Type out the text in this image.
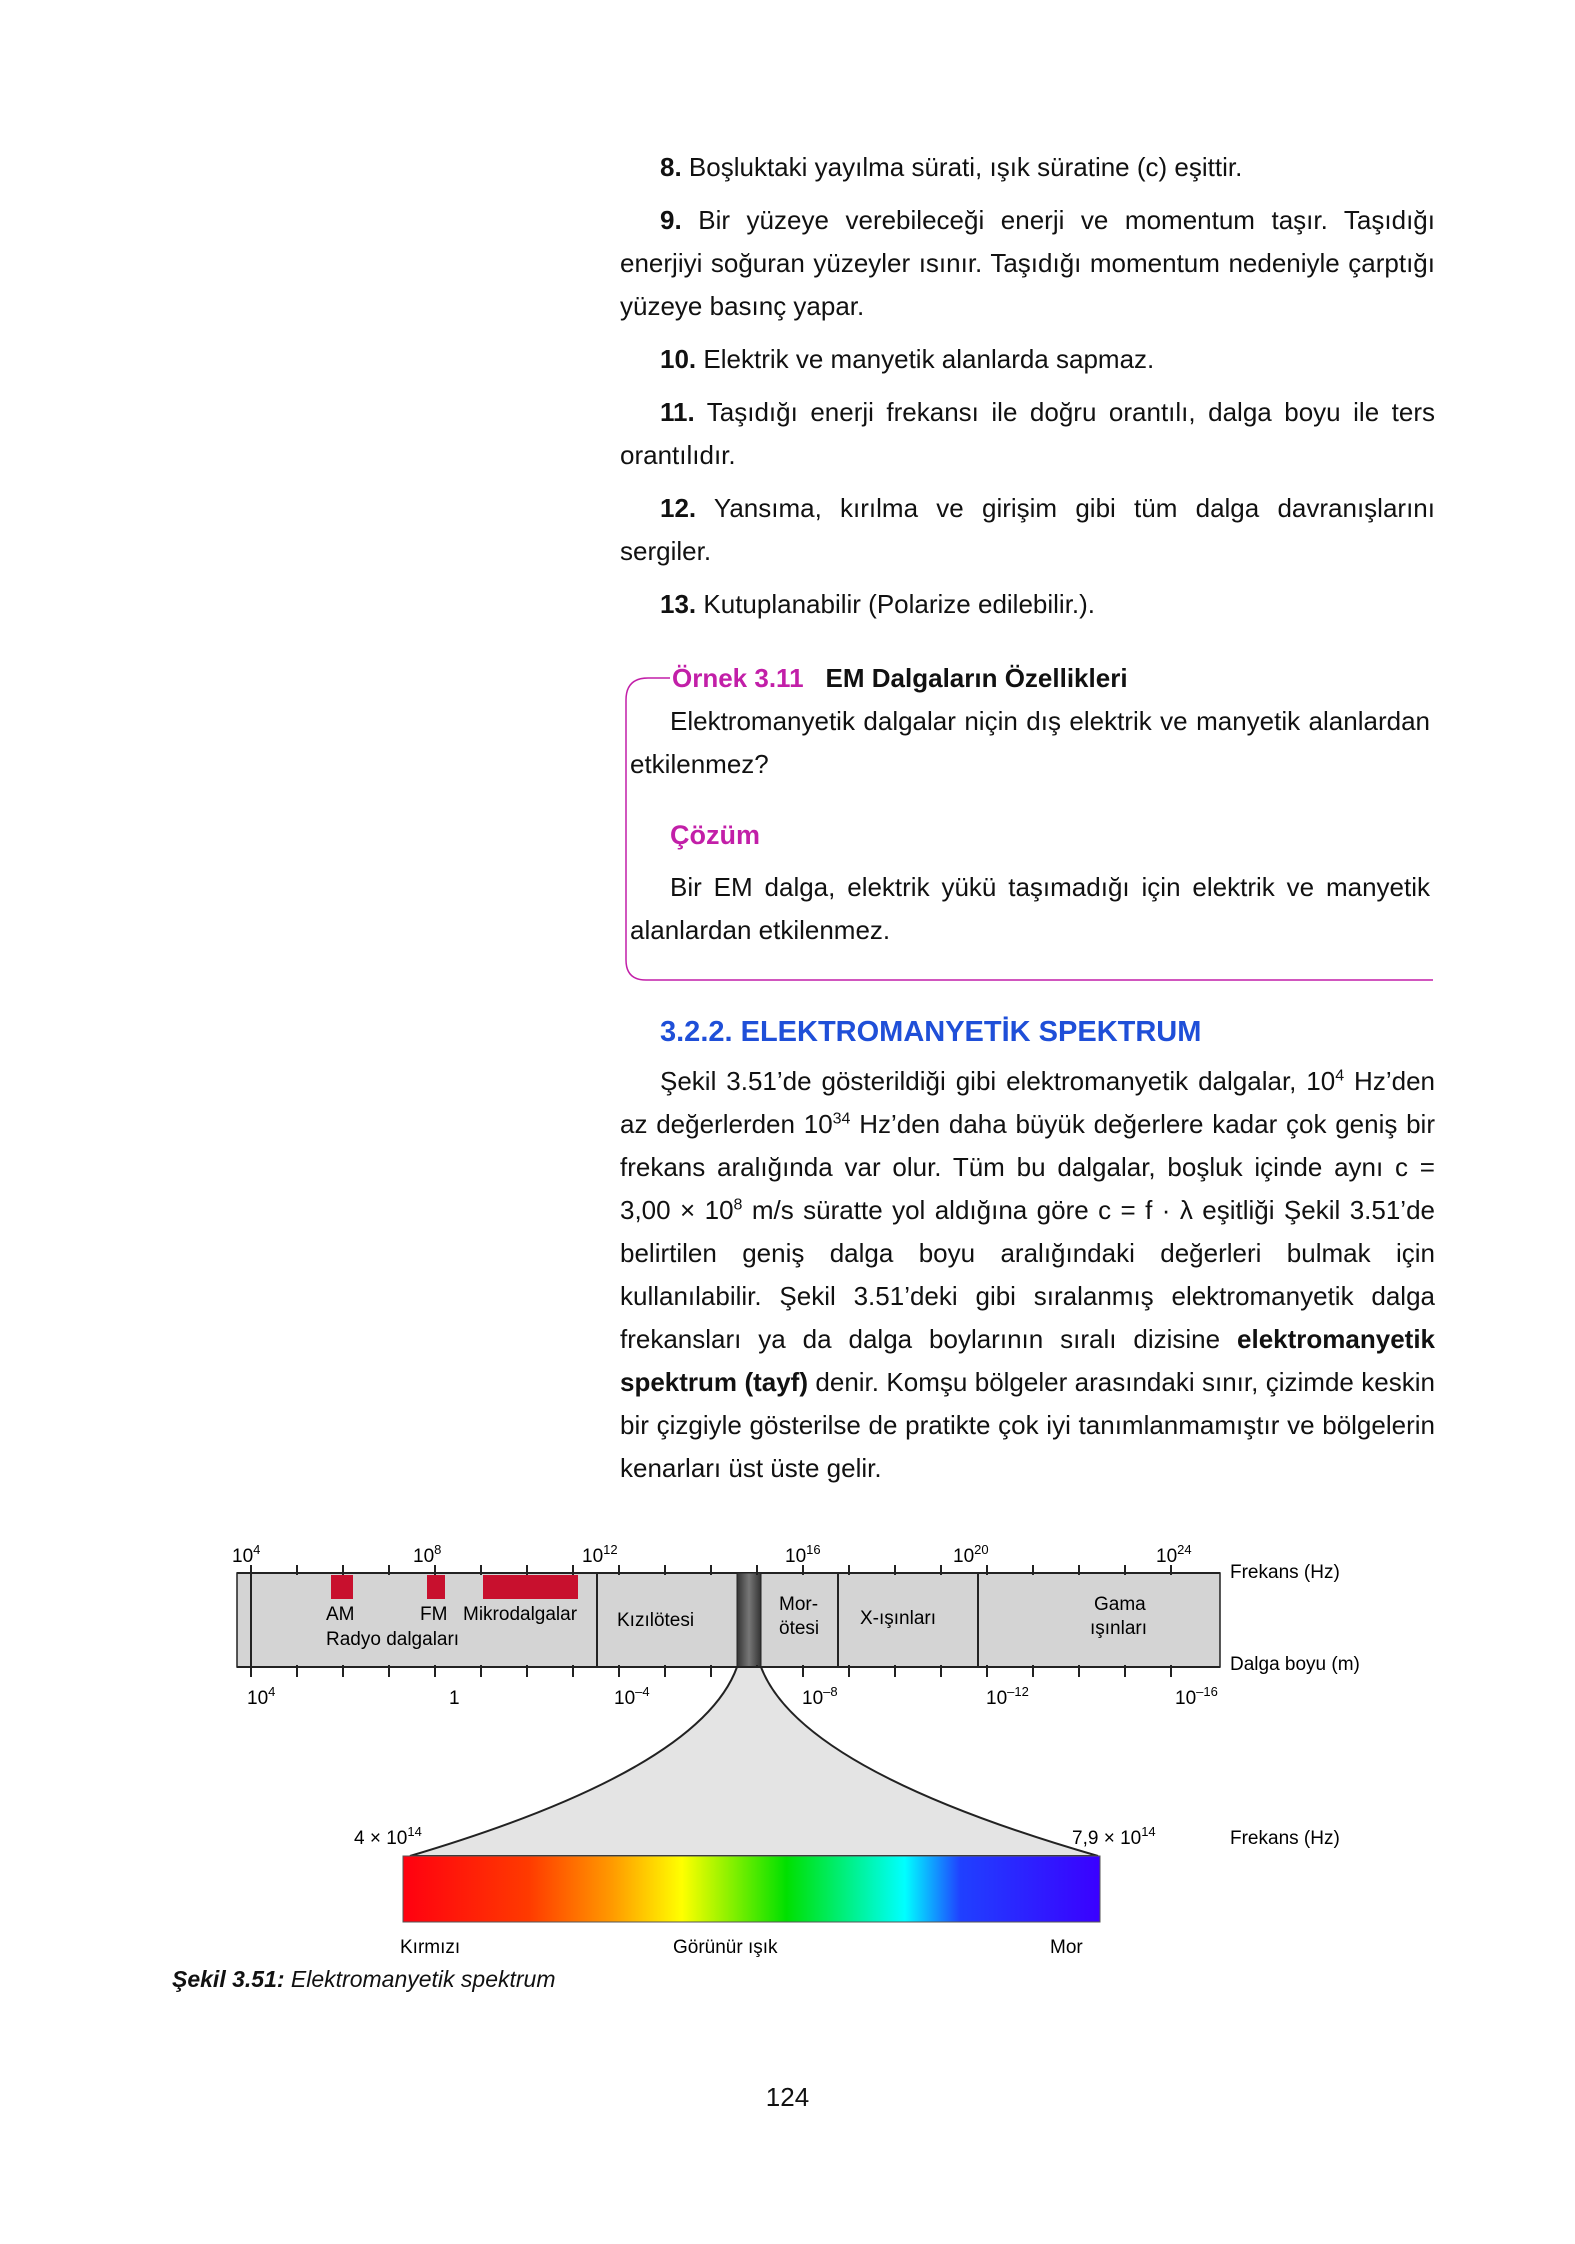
8. Boşluktaki yayılma sürati, ışık süratine (c) eşittir.

9. Bir yüzeye verebileceği enerji ve momentum taşır. Taşıdığı enerjiyi soğuran yüzeyler ısınır. Taşıdığı momentum nedeniyle çarptığı yüzeye basınç yapar.

10. Elektrik ve manyetik alanlarda sapmaz.

11. Taşıdığı enerji frekansı ile doğru orantılı, dalga boyu ile ters orantılıdır.

12. Yansıma, kırılma ve girişim gibi tüm dalga davranışlarını sergiler.

13. Kutuplanabilir (Polarize edilebilir.).

Örnek 3.11 EM Dalgaların Özellikleri
Elektromanyetik dalgalar niçin dış elektrik ve manyetik alanlardan etkilenmez?
Çözüm
Bir EM dalga, elektrik yükü taşımadığı için elektrik ve manyetik alanlardan etkilenmez.
3.2.2. ELEKTROMANYETİK SPEKTRUM

Şekil 3.51’de gösterildiği gibi elektromanyetik dalgalar, $10^4$ Hz’den az değerlerden $10^{34}$ Hz’den daha büyük değerlere kadar çok geniş bir frekans aralığında var olur. Tüm bu dalgalar, boşluk içinde aynı $c = 3,00 \times 10^8$ m/s süratte yol aldığına göre c = f · λ eşitliği Şekil 3.51’de belirtilen geniş dalga boyu aralığındaki değerleri bulmak için kullanılabilir. Şekil 3.51’deki gibi sıralanmış elektromanyetik dalga frekansları ya da dalga boylarının sıralı dizisine elektromanyetik spektrum (tayf) denir. Komşu bölgeler arasındaki sınır, çizimde keskin bir çizgiyle gösterilse de pratikte çok iyi tanımlanmamıştır ve bölgelerin kenarları üst üste gelir.

$10^4$	$10^8$	$10^{12}$	$10^{16}$	$10^{20}$	$10^{24}$
$10^4$	1	$10^{-4}$	$10^{-8}$	$10^{-12}$	$10^{-16}$
Frekans (Hz)
Dalga boyu (m)
AM	FM Mikrodalgalar
Radyo dalgaları
Kızılötesi
Mor-
ötesi X-ışınları
Gama
ışınları
$4 \times 10^{14}$	$7,9 \times 10^{14}$	Frekans (Hz)
Kırmızı	Görünür ışık	Mor
Şekil 3.51: Elektromanyetik spektrum
124
